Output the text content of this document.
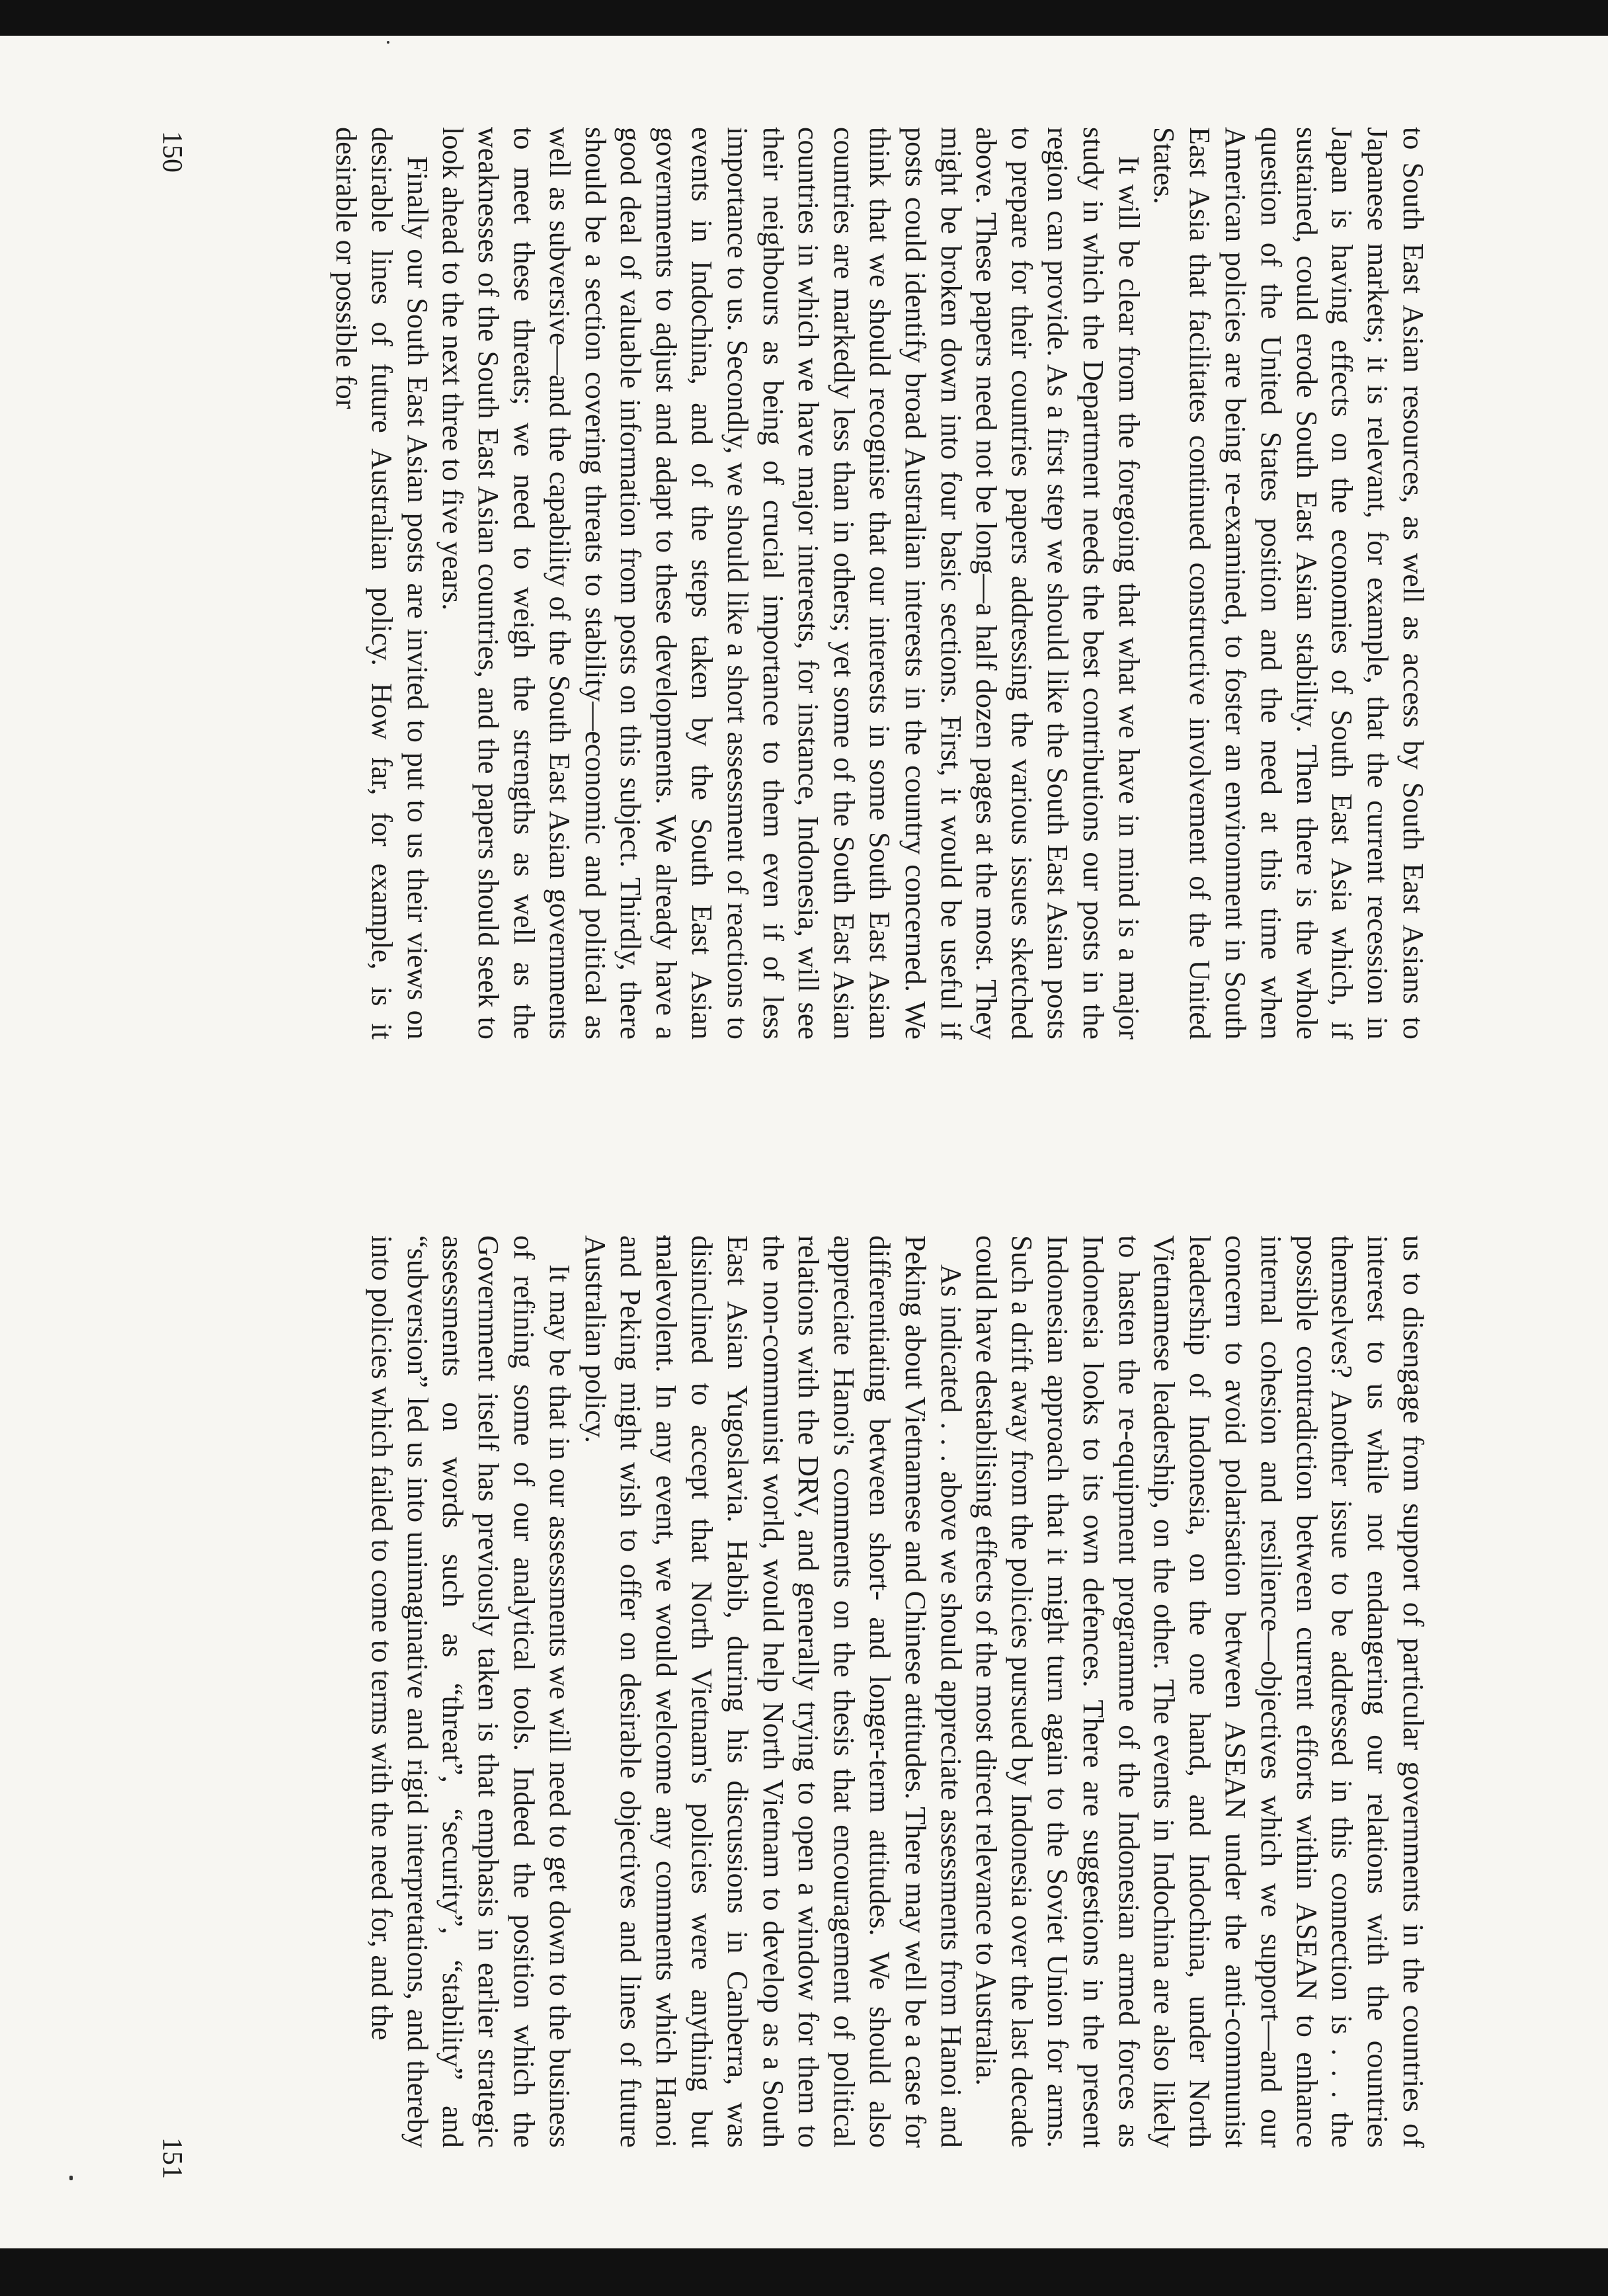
to South East Asian resources, as well as access by South East Asians to Japanese markets; it is relevant, for example, that the current recession in Japan is having effects on the economies of South East Asia which, if sustained, could erode South East Asian stability. Then there is the whole question of the United States position and the need at this time when American policies are being re-examined, to foster an environment in South East Asia that facilitates continued constructive involvement of the United States.

It will be clear from the foregoing that what we have in mind is a major study in which the Department needs the best contributions our posts in the region can provide. As a first step we should like the South East Asian posts to prepare for their countries papers addressing the various issues sketched above. These papers need not be long—a half dozen pages at the most. They might be broken down into four basic sections. First, it would be useful if posts could identify broad Australian interests in the country concerned. We think that we should recognise that our interests in some South East Asian countries are markedly less than in others; yet some of the South East Asian countries in which we have major interests, for instance, Indonesia, will see their neighbours as being of crucial importance to them even if of less importance to us. Secondly, we should like a short assessment of reactions to events in Indochina, and of the steps taken by the South East Asian governments to adjust and adapt to these developments. We already have a good deal of valuable information from posts on this subject. Thirdly, there should be a section covering threats to stability—economic and political as well as subversive—and the capability of the South East Asian governments to meet these threats; we need to weigh the strengths as well as the weaknesses of the South East Asian countries, and the papers should seek to look ahead to the next three to five years.

Finally our South East Asian posts are invited to put to us their views on desirable lines of future Australian policy. How far, for example, is it desirable or possible for

150

us to disengage from support of particular governments in the countries of interest to us while not endangering our relations with the countries themselves? Another issue to be addressed in this connection is . . . the possible contradiction between current efforts within ASEAN to enhance internal cohesion and resilience—objectives which we support—and our concern to avoid polarisation between ASEAN under the anti-communist leadership of Indonesia, on the one hand, and Indochina, under North Vietnamese leadership, on the other. The events in Indochina are also likely to hasten the re-equipment programme of the Indonesian armed forces as Indonesia looks to its own defences. There are suggestions in the present Indonesian approach that it might turn again to the Soviet Union for arms. Such a drift away from the policies pursued by Indonesia over the last decade could have destabilising effects of the most direct relevance to Australia.

As indicated . . . above we should appreciate assessments from Hanoi and Peking about Vietnamese and Chinese attitudes. There may well be a case for differentiating between short- and longer-term attitudes. We should also appreciate Hanoi's comments on the thesis that encouragement of political relations with the DRV, and generally trying to open a window for them to the non-communist world, would help North Vietnam to develop as a South East Asian Yugoslavia. Habib, during his discussions in Canberra, was disinclined to accept that North Vietnam's policies were anything but malevolent. In any event, we would welcome any comments which Hanoi and Peking might wish to offer on desirable objectives and lines of future Australian policy.

It may be that in our assessments we will need to get down to the business of refining some of our analytical tools. Indeed the position which the Government itself has previously taken is that emphasis in earlier strategic assessments on words such as “threat”, “security”, “stability” and “subversion” led us into unimaginative and rigid interpretations, and thereby into policies which failed to come to terms with the need for, and the

151
